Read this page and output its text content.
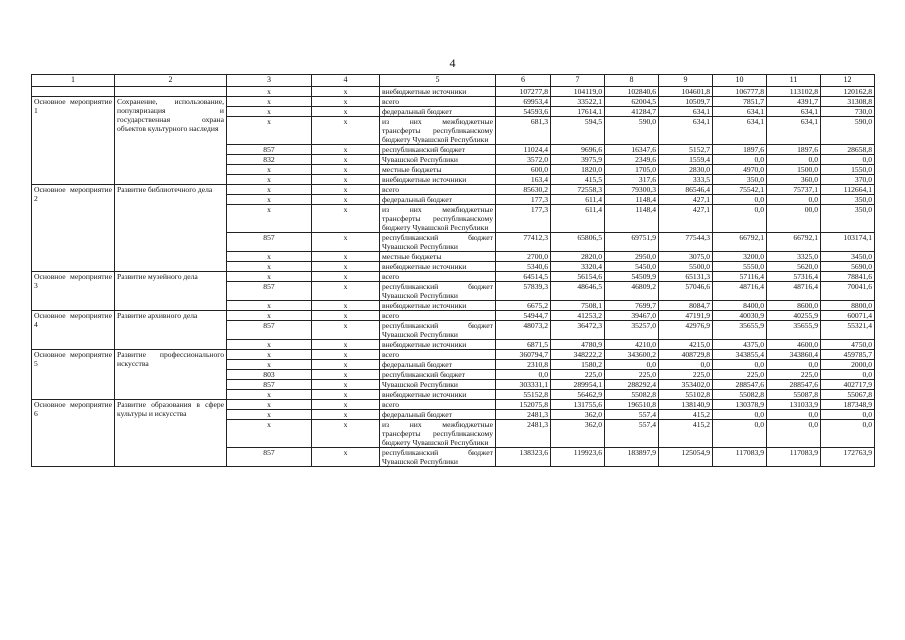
4
1	2	3	4	5	6	7	8	9	10	11	12
		х	х	внебюджетные источники	107277,8	104119,0	102840,6	104601,8	106777,8	113102,8	120162,8
Основное мероприятие 1	Сохранение, использование, популяризация и государственная охрана объектов культурного наследия	х	х	всего	69953,4	33522,1	62004,5	10509,7	7851,7	4391,7	31308,8
		х	х	федеральный бюджет	54593,6	17614,1	41284,7	634,1	634,1	634,1	730,0
		х	х	из них межбюджетные трансферты республиканскому бюджету Чувашской Республики	681,3	594,5	590,0	634,1	634,1	634,1	590,0
		857	х	республиканский бюджет	11024,4	9696,6	16347,6	5152,7	1897,6	1897,6	28658,8
		832	х	Чувашской Республики	3572,0	3975,9	2349,6	1559,4	0,0	0,0	0,0
		х	х	местные бюджеты	600,0	1820,0	1705,0	2830,0	4970,0	1500,0	1550,0
		х	х	внебюджетные источники	163,4	415,5	317,6	333,5	350,0	360,0	370,0
Основное мероприятие 2	Развитие библиотечного дела	х	х	всего	85630,2	72558,3	79300,3	86546,4	75542,1	75737,1	112664,1
		х	х	федеральный бюджет	177,3	611,4	1148,4	427,1	0,0	0,0	350,0
		х	х	из них межбюджетные трансферты республиканскому бюджету Чувашской Республики	177,3	611,4	1148,4	427,1	0,0	00,0	350,0
		857	х	республиканский бюджет Чувашской Республики	77412,3	65806,5	69751,9	77544,3	66792,1	66792,1	103174,1
		х	х	местные бюджеты	2700,0	2820,0	2950,0	3075,0	3200,0	3325,0	3450,0
		х	х	внебюджетные источники	5340,6	3320,4	5450,0	5500,0	5550,0	5620,0	5690,0
Основное мероприятие 3	Развитие музейного дела	х	х	всего	64514,5	56154,6	54509,9	65131,3	57116,4	57316,4	78841,6
		857	х	республиканский бюджет Чувашской Республики	57839,3	48646,5	46809,2	57046,6	48716,4	48716,4	70041,6
		х	х	внебюджетные источники	6675,2	7508,1	7699,7	8084,7	8400,0	8600,0	8800,0
Основное мероприятие 4	Развитие архивного дела	х	х	всего	54944,7	41253,2	39467,0	47191,9	40030,9	40255,9	60071,4
		857	х	республиканский бюджет Чувашской Республики	48073,2	36472,3	35257,0	42976,9	35655,9	35655,9	55321,4
		х	х	внебюджетные источники	6871,5	4780,9	4210,0	4215,0	4375,0	4600,0	4750,0
Основное мероприятие 5	Развитие профессионального искусства	х	х	всего	360794,7	348222,2	343600,2	408729,8	343855,4	343860,4	459785,7
		х	х	федеральный бюджет	2310,8	1580,2	0,0	0,0	0,0	0,0	2000,0
		803	х	республиканский бюджет	0,0	225,0	225,0	225,0	225,0	225,0	0,0
		857	х	Чувашской Республики	303331,1	289954,1	288292,4	353402,0	288547,6	288547,6	402717,9
		х	х	внебюджетные источники	55152,8	56462,9	55082,8	55102,8	55082,8	55087,8	55067,8
Основное мероприятие 6	Развитие образования в сфере культуры и искусства	х	х	всего	152075,8	131755,6	196510,8	138140,9	130378,9	131033,9	187348,9
		х	х	федеральный бюджет	2481,3	362,0	557,4	415,2	0,0	0,0	0,0
		х	х	из них межбюджетные трансферты республиканскому бюджету Чувашской Республики	2481,3	362,0	557,4	415,2	0,0	0,0	0,0
		857	х	республиканский бюджет Чувашской Республики	138323,6	119923,6	183897,9	125054,9	117083,9	117083,9	172763,9
